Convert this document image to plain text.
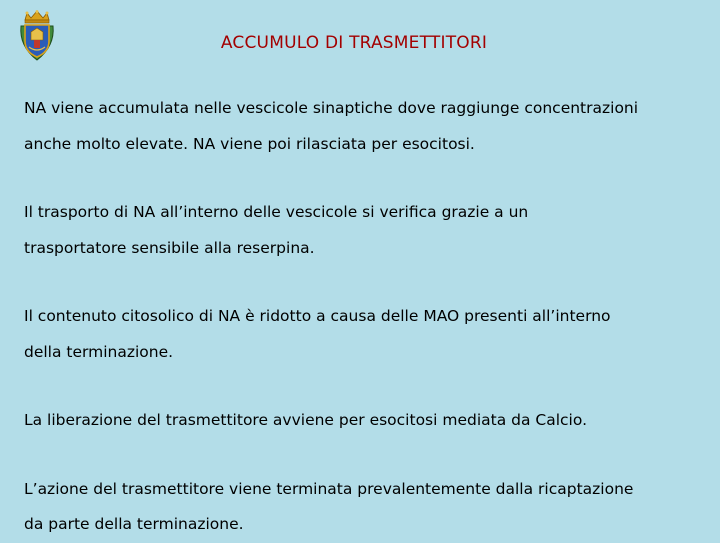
ACCUMULO DI TRASMETTITORI
NA viene accumulata nelle vescicole sinaptiche dove raggiunge concentrazioni
anche molto elevate. NA viene poi rilasciata per esocitosi.
Il trasporto di NA all’interno delle vescicole si verifica grazie a un
trasportatore sensibile alla reserpina.
Il contenuto citosolico di NA è ridotto a causa delle MAO presenti all’interno
della terminazione.
La liberazione del trasmettitore avviene per esocitosi mediata da Calcio.
L’azione del trasmettitore viene terminata prevalentemente dalla ricaptazione
da parte della terminazione.
